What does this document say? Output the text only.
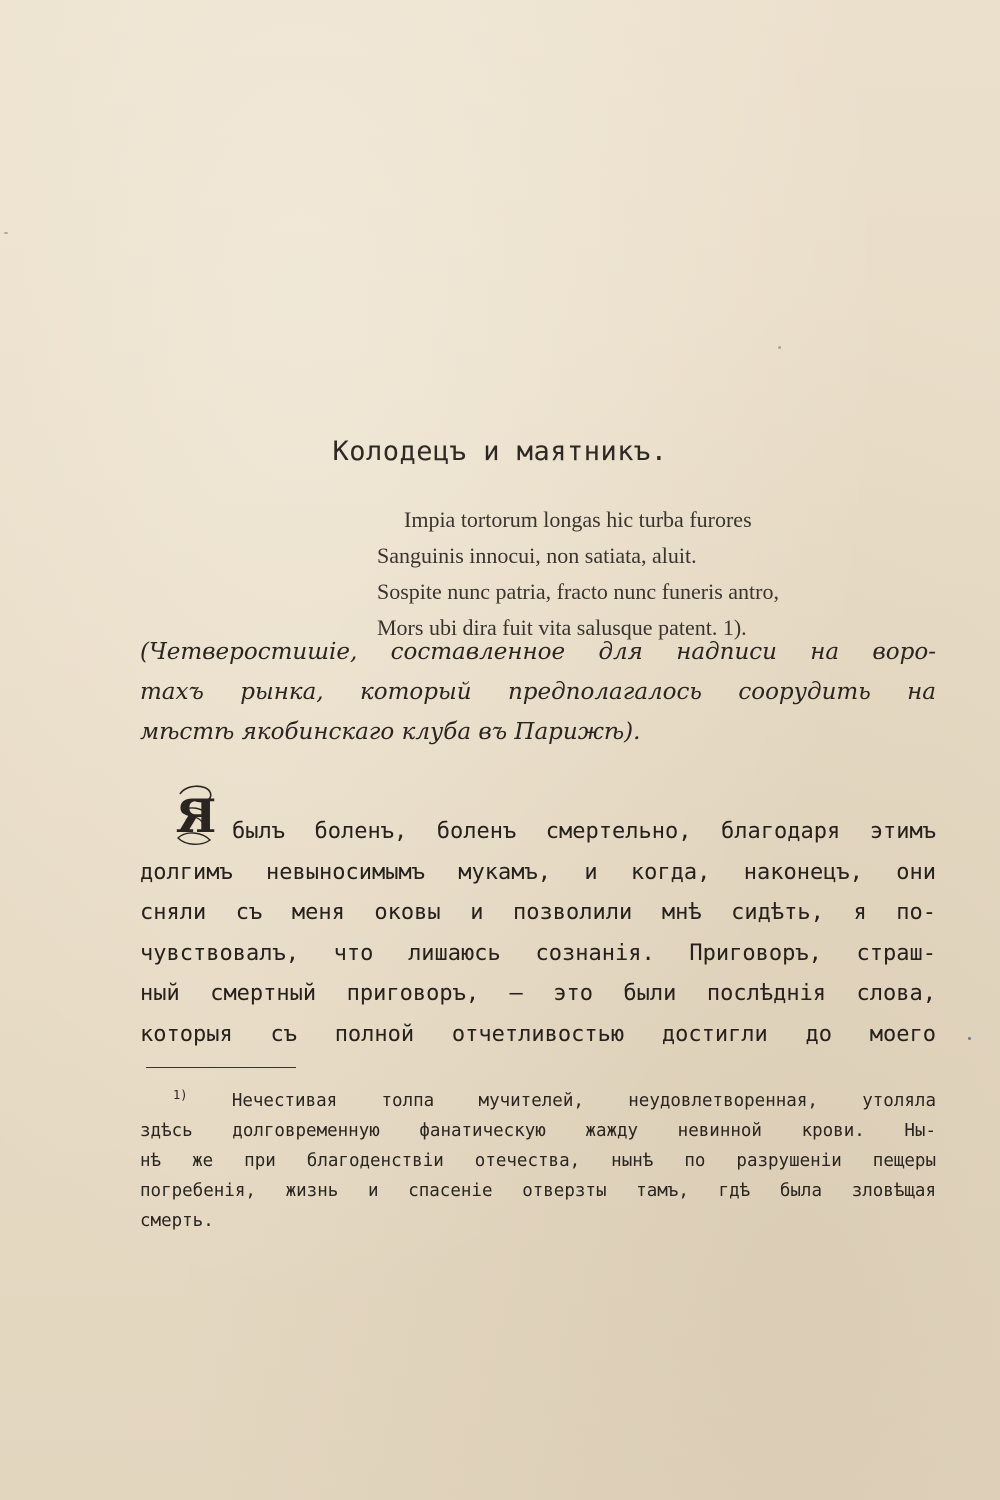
Колодецъ и маятникъ.
Impia tortorum longas hic turba furores
Sanguinis innocui, non satiata, aluit.
Sospite nunc patria, fracto nunc funeris antro,
Mors ubi dira fuit vita salusque patent. 1).
(Четверостишіе, составленное для надписи на воро-
тахъ рынка, который предполагалось соорудить на
мѣстѣ якобинскаго клуба въ Парижѣ).
Я былъ боленъ, боленъ смертельно, благодаря этимъ
долгимъ невыносимымъ мукамъ, и когда, наконецъ, они
сняли съ меня оковы и позволили мнѣ сидѣть, я по-
чувствовалъ, что лишаюсь сознанія. Приговоръ, страш-
ный смертный приговоръ, — это были послѣднія слова,
которыя съ полной отчетливостью достигли до моего
$^{1)}$	Нечестивая толпа мучителей, неудовлетворенная, утоляла
здѣсь долговременную фанатическую жажду невинной крови. Ны-
нѣ же при благоденствіи отечества, нынѣ по разрушеніи пещеры
погребенія, жизнь и спасеніе отверзты тамъ, гдѣ была зловѣщая
смерть.
